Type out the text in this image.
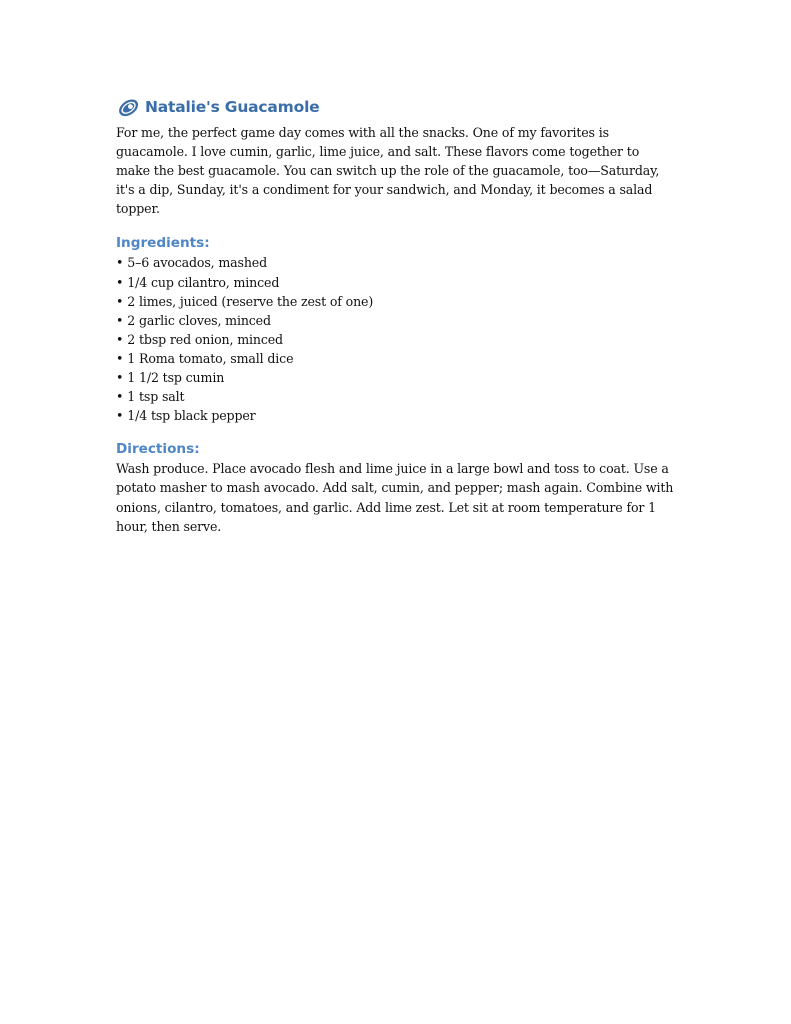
Natalie's Guacamole

For me, the perfect game day comes with all the snacks. One of my favorites is guacamole. I love cumin, garlic, lime juice, and salt. These flavors come together to make the best guacamole. You can switch up the role of the guacamole, too—Saturday, it's a dip, Sunday, it's a condiment for your sandwich, and Monday, it becomes a salad topper.

Ingredients:
• 5–6 avocados, mashed
• 1/4 cup cilantro, minced
• 2 limes, juiced (reserve the zest of one)
• 2 garlic cloves, minced
• 2 tbsp red onion, minced
• 1 Roma tomato, small dice
• 1 1/2 tsp cumin
• 1 tsp salt
• 1/4 tsp black pepper
Directions:

Wash produce. Place avocado flesh and lime juice in a large bowl and toss to coat. Use a potato masher to mash avocado. Add salt, cumin, and pepper; mash again. Combine with onions, cilantro, tomatoes, and garlic. Add lime zest. Let sit at room temperature for 1 hour, then serve.
